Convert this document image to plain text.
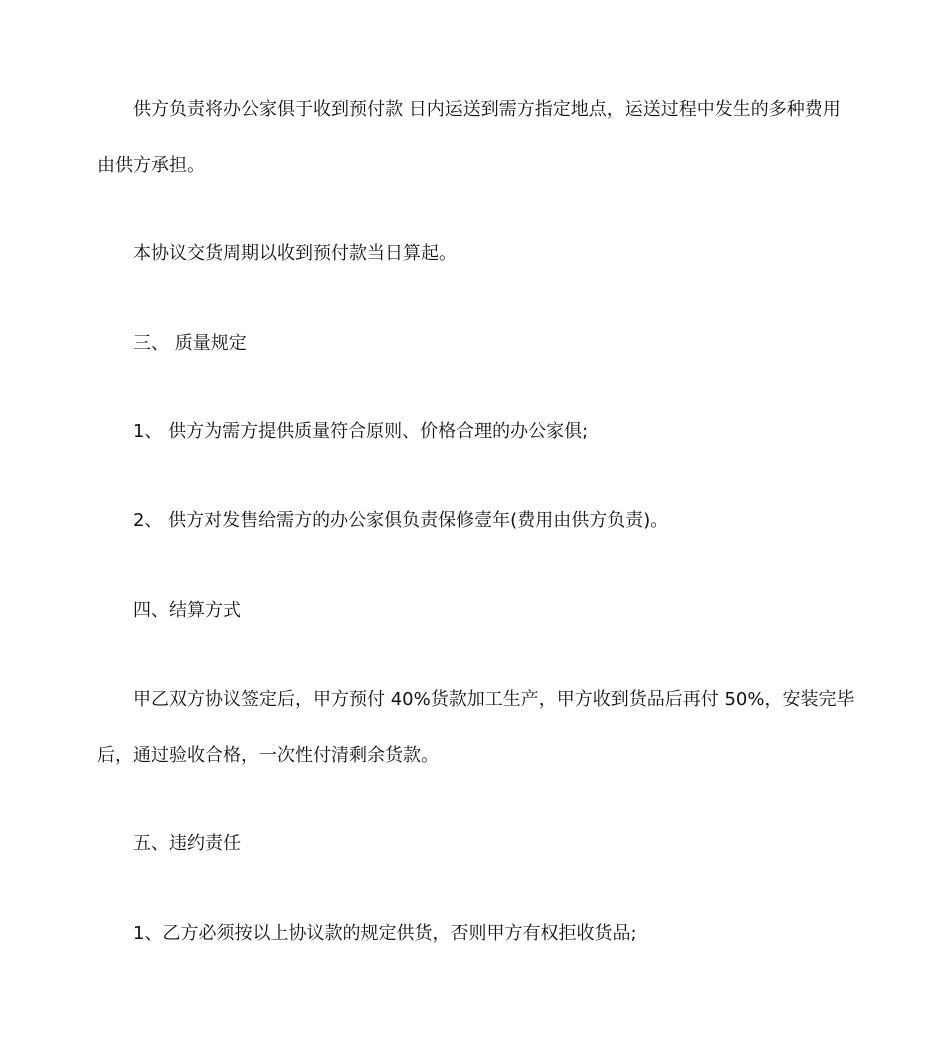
供方负责将办公家俱于收到预付款 日内运送到需方指定地点，运送过程中发生的多种费用
由供方承担。
本协议交货周期以收到预付款当日算起。
三、 质量规定
1、 供方为需方提供质量符合原则、价格合理的办公家俱;
2、 供方对发售给需方的办公家俱负责保修壹年(费用由供方负责)。
四、结算方式
甲乙双方协议签定后，甲方预付 40%货款加工生产，甲方收到货品后再付 50%，安装完毕
后，通过验收合格，一次性付清剩余货款。
五、违约责任
1、乙方必须按以上协议款的规定供货，否则甲方有权拒收货品;
